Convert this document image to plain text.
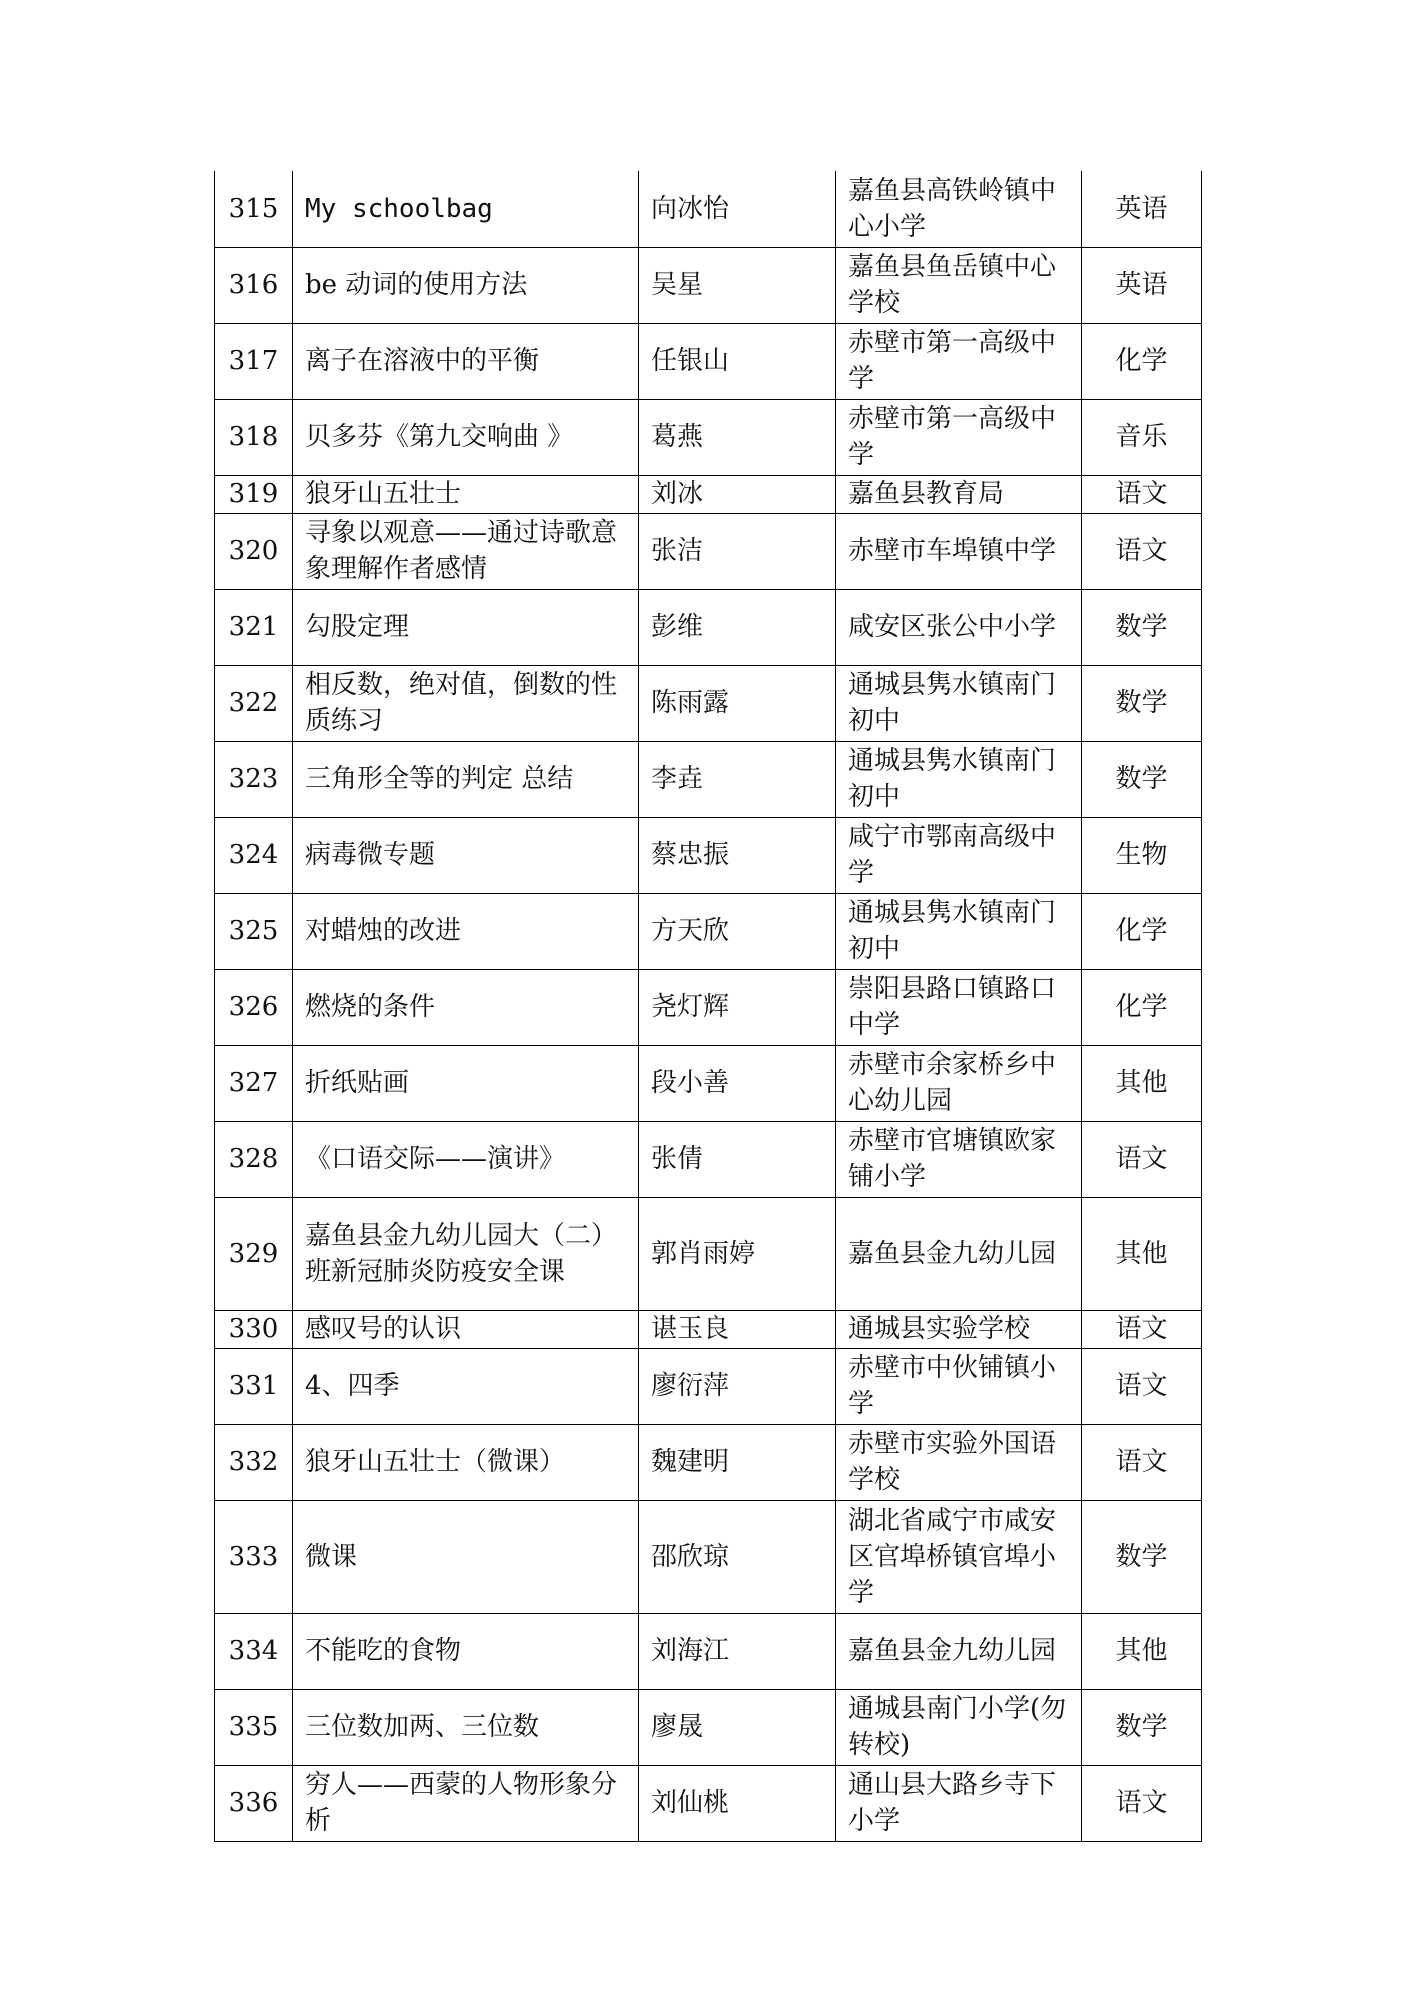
315	My schoolbag	向冰怡	嘉鱼县高铁岭镇中心小学	英语
316	be 动词的使用方法	吴星	嘉鱼县鱼岳镇中心学校	英语
317	离子在溶液中的平衡	任银山	赤壁市第一高级中学	化学
318	贝多芬《第九交响曲 》	葛燕	赤壁市第一高级中学	音乐
319	狼牙山五壮士	刘冰	嘉鱼县教育局	语文
320	寻象以观意——通过诗歌意象理解作者感情	张洁	赤壁市车埠镇中学	语文
321	勾股定理	彭维	咸安区张公中小学	数学
322	相反数，绝对值，倒数的性质练习	陈雨露	通城县隽水镇南门初中	数学
323	三角形全等的判定 总结	李垚	通城县隽水镇南门初中	数学
324	病毒微专题	蔡忠振	咸宁市鄂南高级中学	生物
325	对蜡烛的改进	方天欣	通城县隽水镇南门初中	化学
326	燃烧的条件	尧灯辉	崇阳县路口镇路口中学	化学
327	折纸贴画	段小善	赤壁市余家桥乡中心幼儿园	其他
328	《口语交际——演讲》	张倩	赤壁市官塘镇欧家铺小学	语文
329	嘉鱼县金九幼儿园大（二）班新冠肺炎防疫安全课	郭肖雨婷	嘉鱼县金九幼儿园	其他
330	感叹号的认识	谌玉良	通城县实验学校	语文
331	4、四季	廖衍萍	赤壁市中伙铺镇小学	语文
332	狼牙山五壮士（微课）	魏建明	赤壁市实验外国语学校	语文
333	微课	邵欣琼	湖北省咸宁市咸安区官埠桥镇官埠小学	数学
334	不能吃的食物	刘海江	嘉鱼县金九幼儿园	其他
335	三位数加两、三位数	廖晟	通城县南门小学(勿转校)	数学
336	穷人——西蒙的人物形象分析	刘仙桃	通山县大路乡寺下小学	语文
